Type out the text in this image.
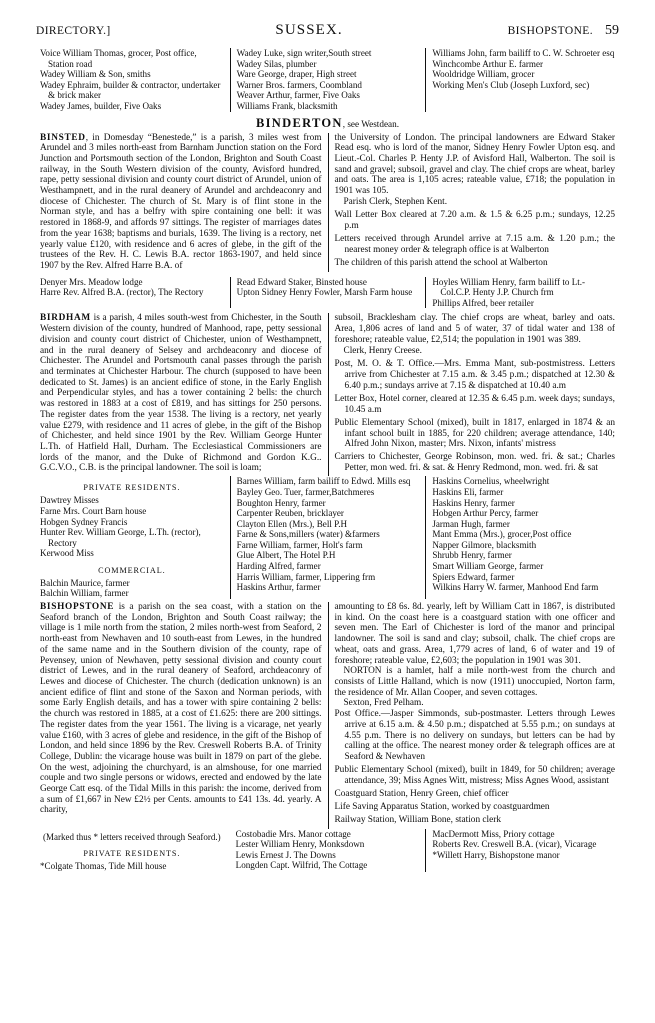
DIRECTORY.]	SUSSEX.	BISHOPSTONE. 59

Voice William Thomas, grocer, Post office, Station road

Wadey William & Son, smiths

Wadey Ephraim, builder & contractor, undertaker & brick maker

Wadey James, builder, Five Oaks

Wadey Luke, sign writer,South street

Wadey Silas, plumber

Ware George, draper, High street

Warner Bros. farmers, Coombland

Weaver Arthur, farmer, Five Oaks

Williams Frank, blacksmith

Williams John, farm bailiff to C. W. Schroeter esq

Winchcombe Arthur E. farmer

Wooldridge William, grocer

Working Men's Club (Joseph Luxford, sec)

BINDERTON, see Westdean.

BINSTED, in Domesday “Benestede,” is a parish, 3 miles west from Arundel and 3 miles north-east from Barnham Junction station on the Ford Junction and Portsmouth section of the London, Brighton and South Coast railway, in the South Western division of the county, Avisford hundred, rape, petty sessional division and county court district of Arundel, union of Westhampnett, and in the rural deanery of Arundel and archdeaconry and diocese of Chichester. The church of St. Mary is of flint stone in the Norman style, and has a belfry with spire containing one bell: it was restored in 1868-9, and affords 97 sittings. The register of marriages dates from the year 1638; baptisms and burials, 1639. The living is a rectory, net yearly value £120, with residence and 6 acres of glebe, in the gift of the trustees of the Rev. H. C. Lewis B.A. rector 1863-1907, and held since 1907 by the Rev. Alfred Harre B.A. of

the University of London. The principal landowners are Edward Staker Read esq. who is lord of the manor, Sidney Henry Fowler Upton esq. and Lieut.-Col. Charles P. Henty J.P. of Avisford Hall, Walberton. The soil is sand and gravel; subsoil, gravel and clay. The chief crops are wheat, barley and oats. The area is 1,105 acres; rateable value, £718; the population in 1901 was 105.

Parish Clerk, Stephen Kent.

Wall Letter Box cleared at 7.20 a.m. & 1.5 & 6.25 p.m.; sundays, 12.25 p.m

Letters received through Arundel arrive at 7.15 a.m. & 1.20 p.m.; the nearest money order & telegraph office is at Walberton

The children of this parish attend the school at Walberton

Denyer Mrs. Meadow lodge

Harre Rev. Alfred B.A. (rector), The Rectory

Read Edward Staker, Binsted house

Upton Sidney Henry Fowler, Marsh Farm house

Hoyles William Henry, farm bailiff to Lt.-Col.C.P. Henty J.P. Church frm

Phillips Alfred, beer retailer

BIRDHAM is a parish, 4 miles south-west from Chichester, in the South Western division of the county, hundred of Manhood, rape, petty sessional division and county court district of Chichester, union of Westhampnett, and in the rural deanery of Selsey and archdeaconry and diocese of Chichester. The Arundel and Portsmouth canal passes through the parish and terminates at Chichester Harbour. The church (supposed to have been dedicated to St. James) is an ancient edifice of stone, in the Early English and Perpendicular styles, and has a tower containing 2 bells: the church was restored in 1883 at a cost of £819, and has sittings for 250 persons. The register dates from the year 1538. The living is a rectory, net yearly value £279, with residence and 11 acres of glebe, in the gift of the Bishop of Chichester, and held since 1901 by the Rev. William George Hunter L.Th. of Hatfield Hall, Durham. The Ecclesiastical Commissioners are lords of the manor, and the Duke of Richmond and Gordon K.G.. G.C.V.O., C.B. is the principal landowner. The soil is loam;

subsoil, Bracklesham clay. The chief crops are wheat, barley and oats. Area, 1,806 acres of land and 5 of water, 37 of tidal water and 138 of foreshore; rateable value, £2,514; the population in 1901 was 389.

Clerk, Henry Creese.

Post, M. O. & T. Office.—Mrs. Emma Mant, sub-postmistress. Letters arrive from Chichester at 7.15 a.m. & 3.45 p.m.; dispatched at 12.30 & 6.40 p.m.; sundays arrive at 7.15 & dispatched at 10.40 a.m

Letter Box, Hotel corner, cleared at 12.35 & 6.45 p.m. week days; sundays, 10.45 a.m

Public Elementary School (mixed), built in 1817, enlarged in 1874 & an infant school built in 1885, for 220 children; average attendance, 140; Alfred John Nixon, master; Mrs. Nixon, infants' mistress

Carriers to Chichester, George Robinson, mon. wed. fri. & sat.; Charles Petter, mon wed. fri. & sat. & Henry Redmond, mon. wed. fri. & sat

PRIVATE RESIDENTS.

Dawtrey Misses

Farne Mrs. Court Barn house

Hobgen Sydney Francis

Hunter Rev. William George, L.Th. (rector), Rectory

Kerwood Miss

COMMERCIAL.

Balchin Maurice, farmer

Balchin William, farmer

Barnes William, farm bailiff to Edwd. Mills esq

Bayley Geo. Tuer, farmer,Batchmeres

Boughton Henry, farmer

Carpenter Reuben, bricklayer

Clayton Ellen (Mrs.), Bell P.H

Farne & Sons,millers (water) &farmers

Farne William, farmer, Holt's farm

Glue Albert, The Hotel P.H

Harding Alfred, farmer

Harris William, farmer, Lippering frm

Haskins Arthur, farmer

Haskins Cornelius, wheelwright

Haskins Eli, farmer

Haskins Henry, farmer

Hobgen Arthur Percy, farmer

Jarman Hugh, farmer

Mant Emma (Mrs.), grocer,Post office

Napper Gilmore, blacksmith

Shrubb Henry, farmer

Smart William George, farmer

Spiers Edward, farmer

Wilkins Harry W. farmer, Manhood End farm

BISHOPSTONE is a parish on the sea coast, with a station on the Seaford branch of the London, Brighton and South Coast railway; the village is 1 mile north from the station, 2 miles north-west from Seaford, 2 north-east from Newhaven and 10 south-east from Lewes, in the hundred of the same name and in the Southern division of the county, rape of Pevensey, union of Newhaven, petty sessional division and county court district of Lewes, and in the rural deanery of Seaford, archdeaconry of Lewes and diocese of Chichester. The church (dedication unknown) is an ancient edifice of flint and stone of the Saxon and Norman periods, with some Early English details, and has a tower with spire containing 2 bells: the church was restored in 1885, at a cost of £1.625: there are 200 sittings. The register dates from the year 1561. The living is a vicarage, net yearly value £160, with 3 acres of glebe and residence, in the gift of the Bishop of London, and held since 1896 by the Rev. Creswell Roberts B.A. of Trinity College, Dublin: the vicarage house was built in 1879 on part of the glebe. On the west, adjoining the churchyard, is an almshouse, for one married couple and two single persons or widows, erected and endowed by the late George Catt esq. of the Tidal Mills in this parish: the income, derived from a sum of £1,667 in New £2½ per Cents. amounts to £41 13s. 4d. yearly. A charity,

amounting to £8 6s. 8d. yearly, left by William Catt in 1867, is distributed in kind. On the coast here is a coastguard station with one officer and seven men. The Earl of Chichester is lord of the manor and principal landowner. The soil is sand and clay; subsoil, chalk. The chief crops are wheat, oats and grass. Area, 1,779 acres of land, 6 of water and 19 of foreshore; rateable value, £2,603; the population in 1901 was 301.

NORTON is a hamlet, half a mile north-west from the church and consists of Little Halland, which is now (1911) unoccupied, Norton farm, the residence of Mr. Allan Cooper, and seven cottages.

Sexton, Fred Pelham.

Post Office.—Jasper Simmonds, sub-postmaster. Letters through Lewes arrive at 6.15 a.m. & 4.50 p.m.; dispatched at 5.55 p.m.; on sundays at 4.55 p.m. There is no delivery on sundays, but letters can be had by calling at the office. The nearest money order & telegraph offices are at Seaford & Newhaven

Public Elementary School (mixed), built in 1849, for 50 children; average attendance, 39; Miss Agnes Witt, mistress; Miss Agnes Wood, assistant

Coastguard Station, Henry Green, chief officer

Life Saving Apparatus Station, worked by coastguardmen

Railway Station, William Bone, station clerk

(Marked thus * letters received through Seaford.)
PRIVATE RESIDENTS.

*Colgate Thomas, Tide Mill house

Costobadie Mrs. Manor cottage

Lester William Henry, Monksdown

Lewis Ernest J. The Downs

Longden Capt. Wilfrid, The Cottage

MacDermott Miss, Priory cottage

Roberts Rev. Creswell B.A. (vicar), Vicarage

*Willett Harry, Bishopstone manor
